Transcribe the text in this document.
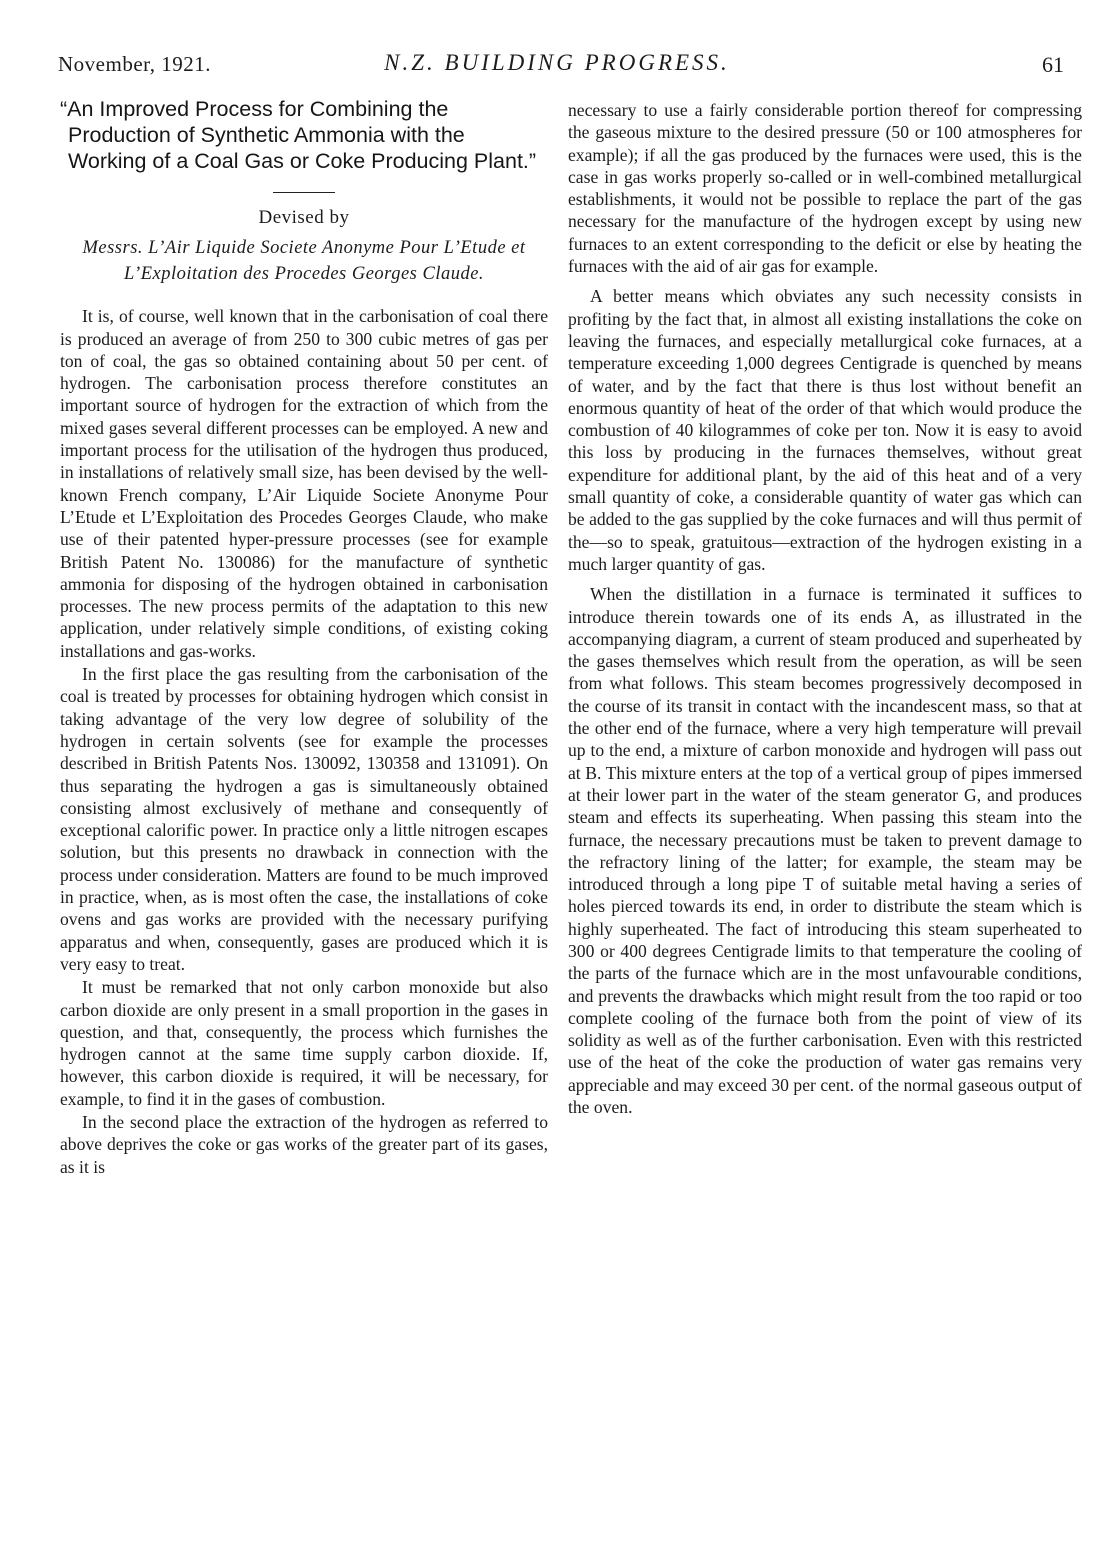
November, 1921.	N.Z. BUILDING PROGRESS.	61
“An Improved Process for Combining the Production of Synthetic Ammonia with the Working of a Coal Gas or Coke Producing Plant.”
Devised by
Messrs. L’Air Liquide Societe Anonyme Pour L’Etude et L’Exploitation des Procedes Georges Claude.

It is, of course, well known that in the carbonisation of coal there is produced an average of from 250 to 300 cubic metres of gas per ton of coal, the gas so obtained containing about 50 per cent. of hydrogen. The carbonisation process therefore constitutes an important source of hydrogen for the extraction of which from the mixed gases several different processes can be employed. A new and important process for the utilisation of the hydrogen thus produced, in installations of relatively small size, has been devised by the well-known French company, L’Air Liquide Societe Anonyme Pour L’Etude et L’Exploitation des Procedes Georges Claude, who make use of their patented hyper-pressure processes (see for example British Patent No. 130086) for the manufacture of synthetic ammonia for disposing of the hydrogen obtained in carbonisation processes. The new process permits of the adaptation to this new application, under relatively simple conditions, of existing coking installations and gas-works.

In the first place the gas resulting from the carbonisation of the coal is treated by processes for obtaining hydrogen which consist in taking advantage of the very low degree of solubility of the hydrogen in certain solvents (see for example the processes described in British Patents Nos. 130092, 130358 and 131091). On thus separating the hydrogen a gas is simultaneously obtained consisting almost exclusively of methane and consequently of exceptional calorific power. In practice only a little nitrogen escapes solution, but this presents no drawback in connection with the process under consideration. Matters are found to be much improved in practice, when, as is most often the case, the installations of coke ovens and gas works are provided with the necessary purifying apparatus and when, consequently, gases are produced which it is very easy to treat.

It must be remarked that not only carbon monoxide but also carbon dioxide are only present in a small proportion in the gases in question, and that, consequently, the process which furnishes the hydrogen cannot at the same time supply carbon dioxide. If, however, this carbon dioxide is required, it will be necessary, for example, to find it in the gases of combustion.

In the second place the extraction of the hydrogen as referred to above deprives the coke or gas works of the greater part of its gases, as it is

necessary to use a fairly considerable portion thereof for compressing the gaseous mixture to the desired pressure (50 or 100 atmospheres for example); if all the gas produced by the furnaces were used, this is the case in gas works properly so-called or in well-combined metallurgical establishments, it would not be possible to replace the part of the gas necessary for the manufacture of the hydrogen except by using new furnaces to an extent corresponding to the deficit or else by heating the furnaces with the aid of air gas for example.

A better means which obviates any such necessity consists in profiting by the fact that, in almost all existing installations the coke on leaving the furnaces, and especially metallurgical coke furnaces, at a temperature exceeding 1,000 degrees Centigrade is quenched by means of water, and by the fact that there is thus lost without benefit an enormous quantity of heat of the order of that which would produce the combustion of 40 kilogrammes of coke per ton. Now it is easy to avoid this loss by producing in the furnaces themselves, without great expenditure for additional plant, by the aid of this heat and of a very small quantity of coke, a considerable quantity of water gas which can be added to the gas supplied by the coke furnaces and will thus permit of the—so to speak, gratuitous—extraction of the hydrogen existing in a much larger quantity of gas.

When the distillation in a furnace is terminated it suffices to introduce therein towards one of its ends A, as illustrated in the accompanying diagram, a current of steam produced and superheated by the gases themselves which result from the operation, as will be seen from what follows. This steam becomes progressively decomposed in the course of its transit in contact with the incandescent mass, so that at the other end of the furnace, where a very high temperature will prevail up to the end, a mixture of carbon monoxide and hydrogen will pass out at B. This mixture enters at the top of a vertical group of pipes immersed at their lower part in the water of the steam generator G, and produces steam and effects its superheating. When passing this steam into the furnace, the necessary precautions must be taken to prevent damage to the refractory lining of the latter; for example, the steam may be introduced through a long pipe T of suitable metal having a series of holes pierced towards its end, in order to distribute the steam which is highly superheated. The fact of introducing this steam superheated to 300 or 400 degrees Centigrade limits to that temperature the cooling of the parts of the furnace which are in the most unfavourable conditions, and prevents the drawbacks which might result from the too rapid or too complete cooling of the furnace both from the point of view of its solidity as well as of the further carbonisation. Even with this restricted use of the heat of the coke the production of water gas remains very appreciable and may exceed 30 per cent. of the normal gaseous output of the oven.
